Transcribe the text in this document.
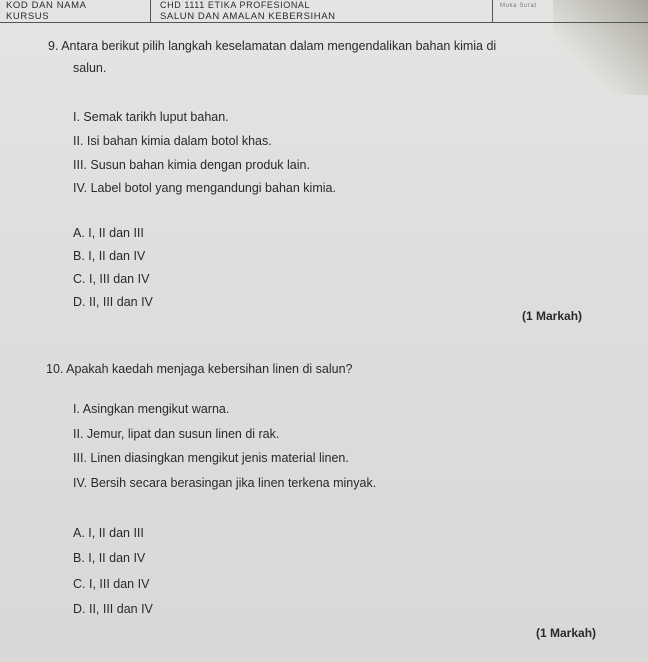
KOD DAN NAMA
KURSUS
CHD 1111 ETIKA PROFESIONAL
SALUN DAN AMALAN KEBERSIHAN
Muka Surat
9. Antara berikut pilih langkah keselamatan dalam mengendalikan bahan kimia di
salun.
I. Semak tarikh luput bahan.
II. Isi bahan kimia dalam botol khas.
III. Susun bahan kimia dengan produk lain.
IV. Label botol yang mengandungi bahan kimia.
A. I, II dan III
B. I, II dan IV
C. I, III dan IV
D. II, III dan IV
(1 Markah)
10. Apakah kaedah menjaga kebersihan linen di salun?
I. Asingkan mengikut warna.
II. Jemur, lipat dan susun linen di rak.
III. Linen diasingkan mengikut jenis material linen.
IV. Bersih secara berasingan jika linen terkena minyak.
A. I, II dan III
B. I, II dan IV
C. I, III dan IV
D. II, III dan IV
(1 Markah)
